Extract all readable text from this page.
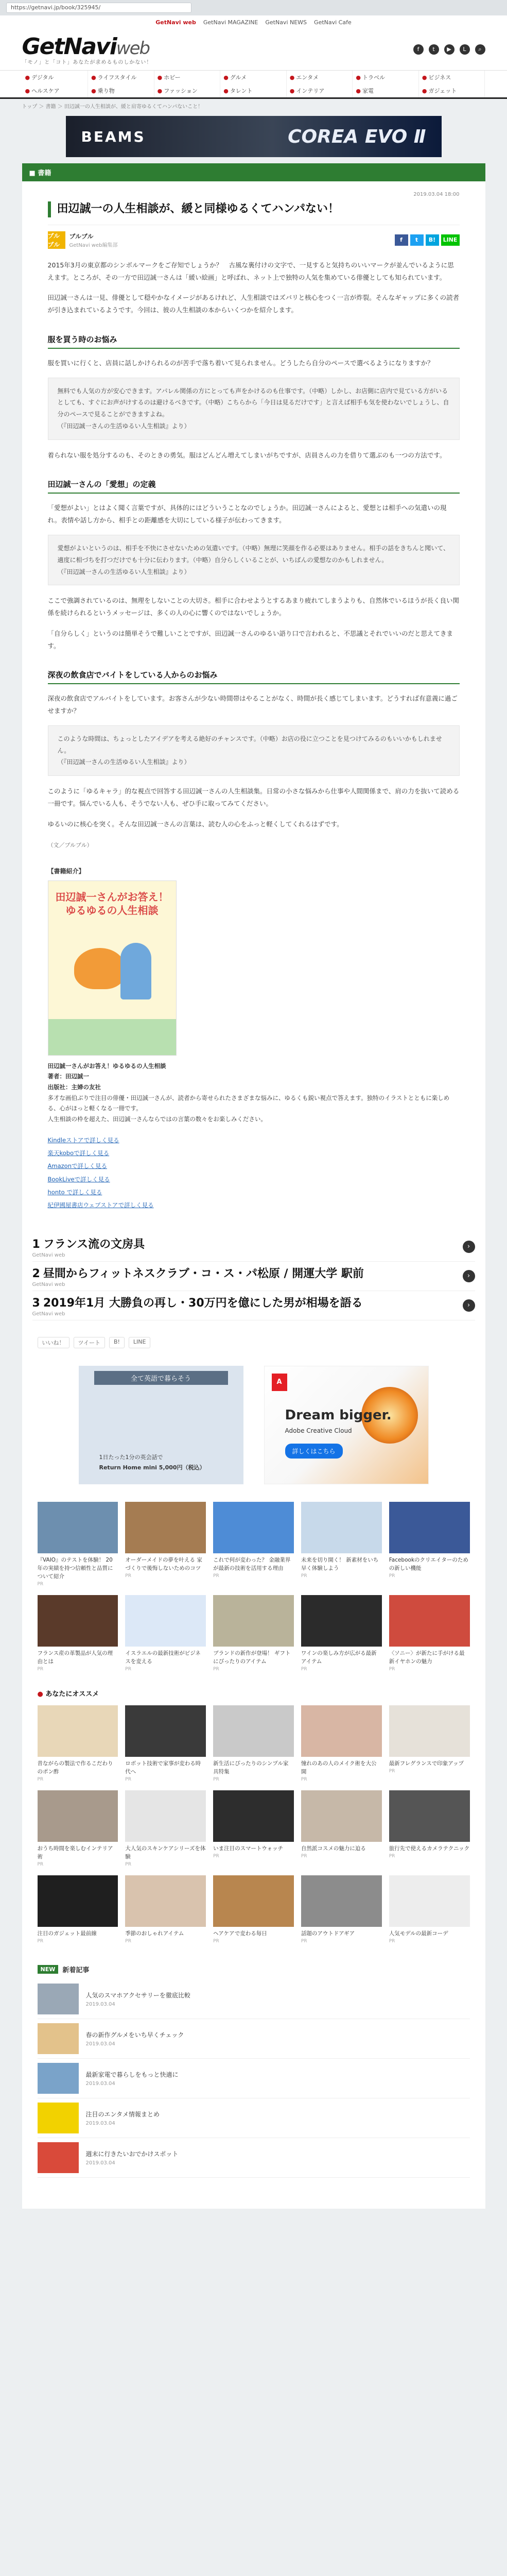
https://getnavi.jp/book/325945/
GetNavi web GetNavi MAGAZINE GetNavi NEWS GetNavi Cafe
GetNaviweb
「モノ」と「コト」あなたが求めるものしかない！
f	t	▶	L	⌕
● デジタル	● ライフスタイル	● ホビー	● グルメ	● エンタメ	● トラベル	● ビジネス
● ヘルスケア	● 乗り物	● ファッション	● タレント	● インテリア	● 家電	● ガジェット
トップ ＞ 書籍 ＞ 田辺誠一の人生相談が、緩と肩寄ゆるくてハンパないこと！
BEAMS	COREA EVO Ⅱ
■ 書籍
2019.03.04 18:00
田辺誠一の人生相談が、緩と同様ゆるくてハンパない！
ブルブル
ブルブル
GetNavi web編集部
f	t	B!	LINE

2015年3月の東京都のシンボルマークをご存知でしょうか？　古風な裏付けの文字で、一見すると気持ちのいいマークが並んでいるように思えます。ところが、その一方で田辺誠一さんは「緩い絵画」と呼ばれ、ネット上で独特の人気を集めている俳優としても知られています。

田辺誠一さんは一見、俳優として穏やかなイメージがあるけれど、人生相談ではズバリと核心をつく一言が炸裂。そんなギャップに多くの読者が引き込まれているようです。今回は、彼の人生相談の本からいくつかを紹介します。

服を買う時のお悩み

服を買いに行くと、店員に話しかけられるのが苦手で落ち着いて見られません。どうしたら自分のペースで選べるようになりますか？

無料でも人気の方が安心できます。アパレル関係の方にとっても声をかけるのも仕事です。（中略）しかし、お店側に店内で見ている方がいるとしても、すぐにお声がけするのは避けるべきです。（中略）こちらから「今日は見るだけです」と言えば相手も気を使わないでしょうし、自分のペースで見ることができますよね。
（『田辺誠一さんの生活ゆるい人生相談』より）

着られない服を処分するのも、そのときの勇気。服はどんどん増えてしまいがちですが、店員さんの力を借りて選ぶのも一つの方法です。

田辺誠一さんの「愛想」の定義

「愛想がよい」とはよく聞く言葉ですが、具体的にはどういうことなのでしょうか。田辺誠一さんによると、愛想とは相手への気遣いの現れ。表情や話し方から、相手との距離感を大切にしている様子が伝わってきます。

愛想がよいというのは、相手を不快にさせないための気遣いです。（中略）無理に笑顔を作る必要はありません。相手の話をきちんと聞いて、適度に相づちを打つだけでも十分に伝わります。（中略）自分らしくいることが、いちばんの愛想なのかもしれません。
（『田辺誠一さんの生活ゆるい人生相談』より）

ここで強調されているのは、無理をしないことの大切さ。相手に合わせようとするあまり疲れてしまうよりも、自然体でいるほうが長く良い関係を続けられるというメッセージは、多くの人の心に響くのではないでしょうか。

「自分らしく」というのは簡単そうで難しいことですが、田辺誠一さんのゆるい語り口で言われると、不思議とそれでいいのだと思えてきます。

深夜の飲食店でバイトをしている人からのお悩み

深夜の飲食店でアルバイトをしています。お客さんが少ない時間帯はやることがなく、時間が長く感じてしまいます。どうすれば有意義に過ごせますか？

このような時間は、ちょっとしたアイデアを考える絶好のチャンスです。（中略）お店の役に立つことを見つけてみるのもいいかもしれません。
（『田辺誠一さんの生活ゆるい人生相談』より）

このように「ゆるキャラ」的な視点で回答する田辺誠一さんの人生相談集。日常の小さな悩みから仕事や人間関係まで、肩の力を抜いて読める一冊です。悩んでいる人も、そうでない人も、ぜひ手に取ってみてください。

ゆるいのに核心を突く。そんな田辺誠一さんの言葉は、読む人の心をふっと軽くしてくれるはずです。

（文／ブルブル）
【書籍紹介】
田辺誠一さんがお答え！ゆるゆるの人生相談
田辺誠一さんがお答え！ゆるゆるの人生相談
著者：田辺誠一
出版社：主婦の友社

多才な画伯ぶりで注目の俳優・田辺誠一さんが、読者から寄せられたさまざまな悩みに、ゆるくも鋭い視点で答えます。独特のイラストとともに楽しめる、心がほっと軽くなる一冊です。

人生相談の枠を超えた、田辺誠一さんならではの言葉の数々をお楽しみください。

Kindleストアで詳しく見る
楽天koboで詳しく見る
Amazonで詳しく見る
BookLiveで詳しく見る
honto で詳しく見る
紀伊國屋書店ウェブストアで詳しく見る
1 フランス流の文房具
GetNavi web
›
2 昼間からフィットネスクラブ・コ・ス・パ松原 / 開運大学 駅前
GetNavi web
›
3 2019年1月 大勝負の再し・30万円を億にした男が相場を語る
GetNavi web
›
いいね！	ツイート	B!	LINE
全て英語で暮らそう
1日たった1分の英会話で
Return Home mini 5,000円（税込）
A
Dream bigger.
Adobe Creative Cloud
詳しくはこちら
『VAIO』のテストを体験！ 20年の実績を持つ信頼性と品質について紹介
PR
オーダーメイドの夢を叶える 家づくりで後悔しないためのコツ
PR
これで何が変わった？ 金融業界が最新の技術を活用する理由
PR
未来を切り開く！ 新素材をいち早く体験しよう
PR
Facebookのクリエイターのための新しい機能
PR
フランス産の革製品が人気の理由とは
PR
イスラエルの最新技術がビジネスを変える
PR
ブランドの新作が登場！ ギフトにぴったりのアイテム
PR
ワインの楽しみ方が広がる最新アイテム
PR
〈ソニー〉が新たに手がける最新イヤホンの魅力
PR
● あなたにオススメ
昔ながらの製法で作るこだわりのポン酢
PR
ロボット技術で家事が変わる時代へ
PR
新生活にぴったりのシンプル家具特集
PR
憧れのあの人のメイク術を大公開
PR
最新フレグランスで印象アップ
PR
おうち時間を楽しむインテリア術
PR
大人気のスキンケアシリーズを体験
PR
いま注目のスマートウォッチ
PR
自然派コスメの魅力に迫る
PR
旅行先で使えるカメラテクニック
PR
注目のガジェット最前線
PR
季節のおしゃれアイテム
PR
ヘアケアで変わる毎日
PR
話題のアウトドアギア
PR
人気モデルの最新コーデ
PR
NEW	新着記事
人気のスマホアクセサリーを徹底比較
2019.03.04
春の新作グルメをいち早くチェック
2019.03.04
最新家電で暮らしをもっと快適に
2019.03.04
注目のエンタメ情報まとめ
2019.03.04
週末に行きたいおでかけスポット
2019.03.04
